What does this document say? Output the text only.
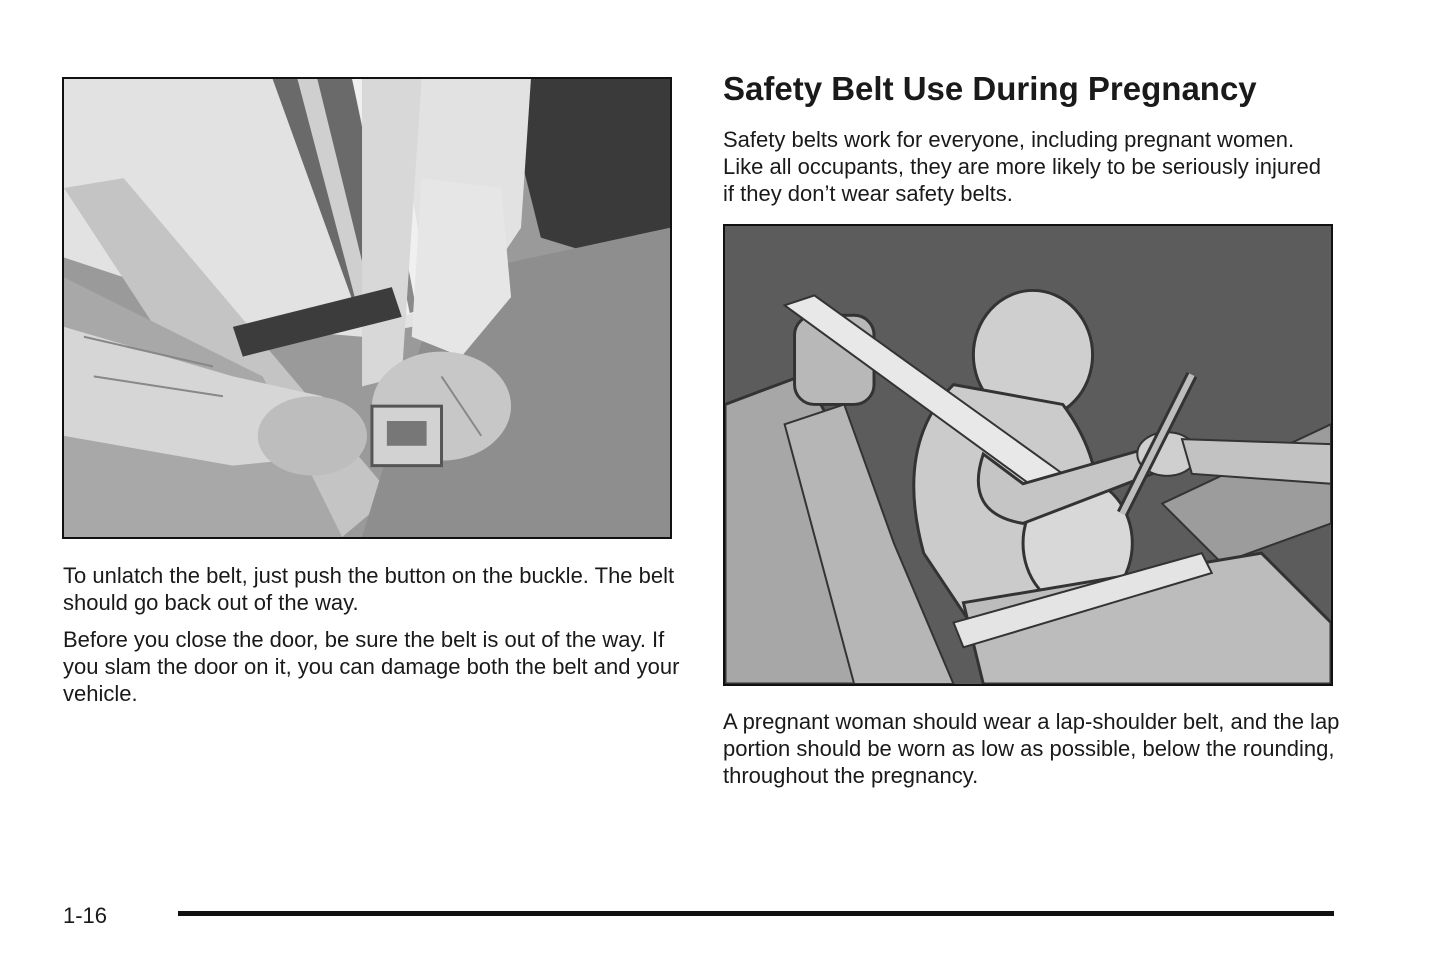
To unlatch the belt, just push the button on the buckle. The belt should go back out of the way.

Before you close the door, be sure the belt is out of the way. If you slam the door on it, you can damage both the belt and your vehicle.

Safety Belt Use During Pregnancy

Safety belts work for everyone, including pregnant women. Like all occupants, they are more likely to be seriously injured if they don’t wear safety belts.

A pregnant woman should wear a lap-shoulder belt, and the lap portion should be worn as low as possible, below the rounding, throughout the pregnancy.

1-16
